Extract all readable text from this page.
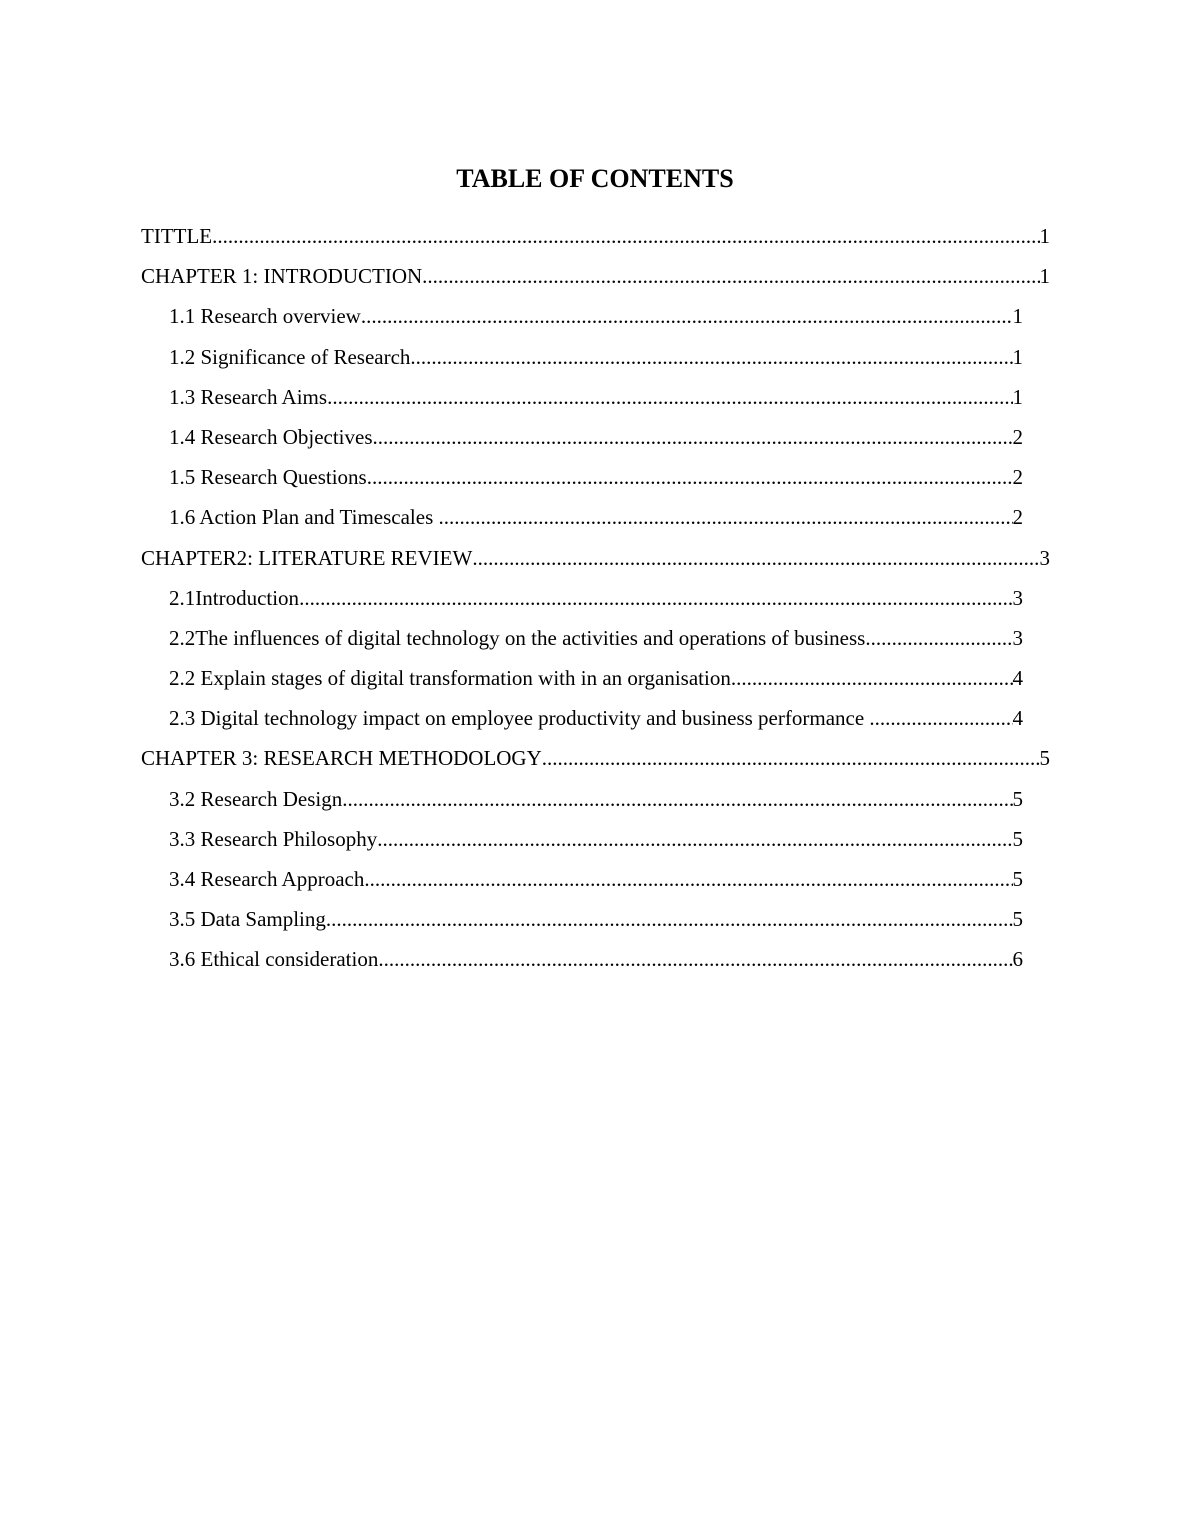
TABLE OF CONTENTS
TITTLE .....	1
CHAPTER 1: INTRODUCTION .....	1
1.1 Research overview .....	1
1.2 Significance of Research .....	1
1.3 Research Aims .....	1
1.4 Research Objectives .....	2
1.5 Research Questions .....	2
1.6 Action Plan and Timescales .....	2
CHAPTER2: LITERATURE REVIEW .....	3
2.1Introduction .....	3
2.2The influences of digital technology on the activities and operations of business .....	3
2.2 Explain stages of digital transformation with in an organisation .....	4
2.3 Digital technology impact on employee productivity and business performance .....	4
CHAPTER 3: RESEARCH METHODOLOGY .....	5
3.2 Research Design .....	5
3.3 Research Philosophy .....	5
3.4 Research Approach .....	5
3.5 Data Sampling .....	5
3.6 Ethical consideration .....	6
